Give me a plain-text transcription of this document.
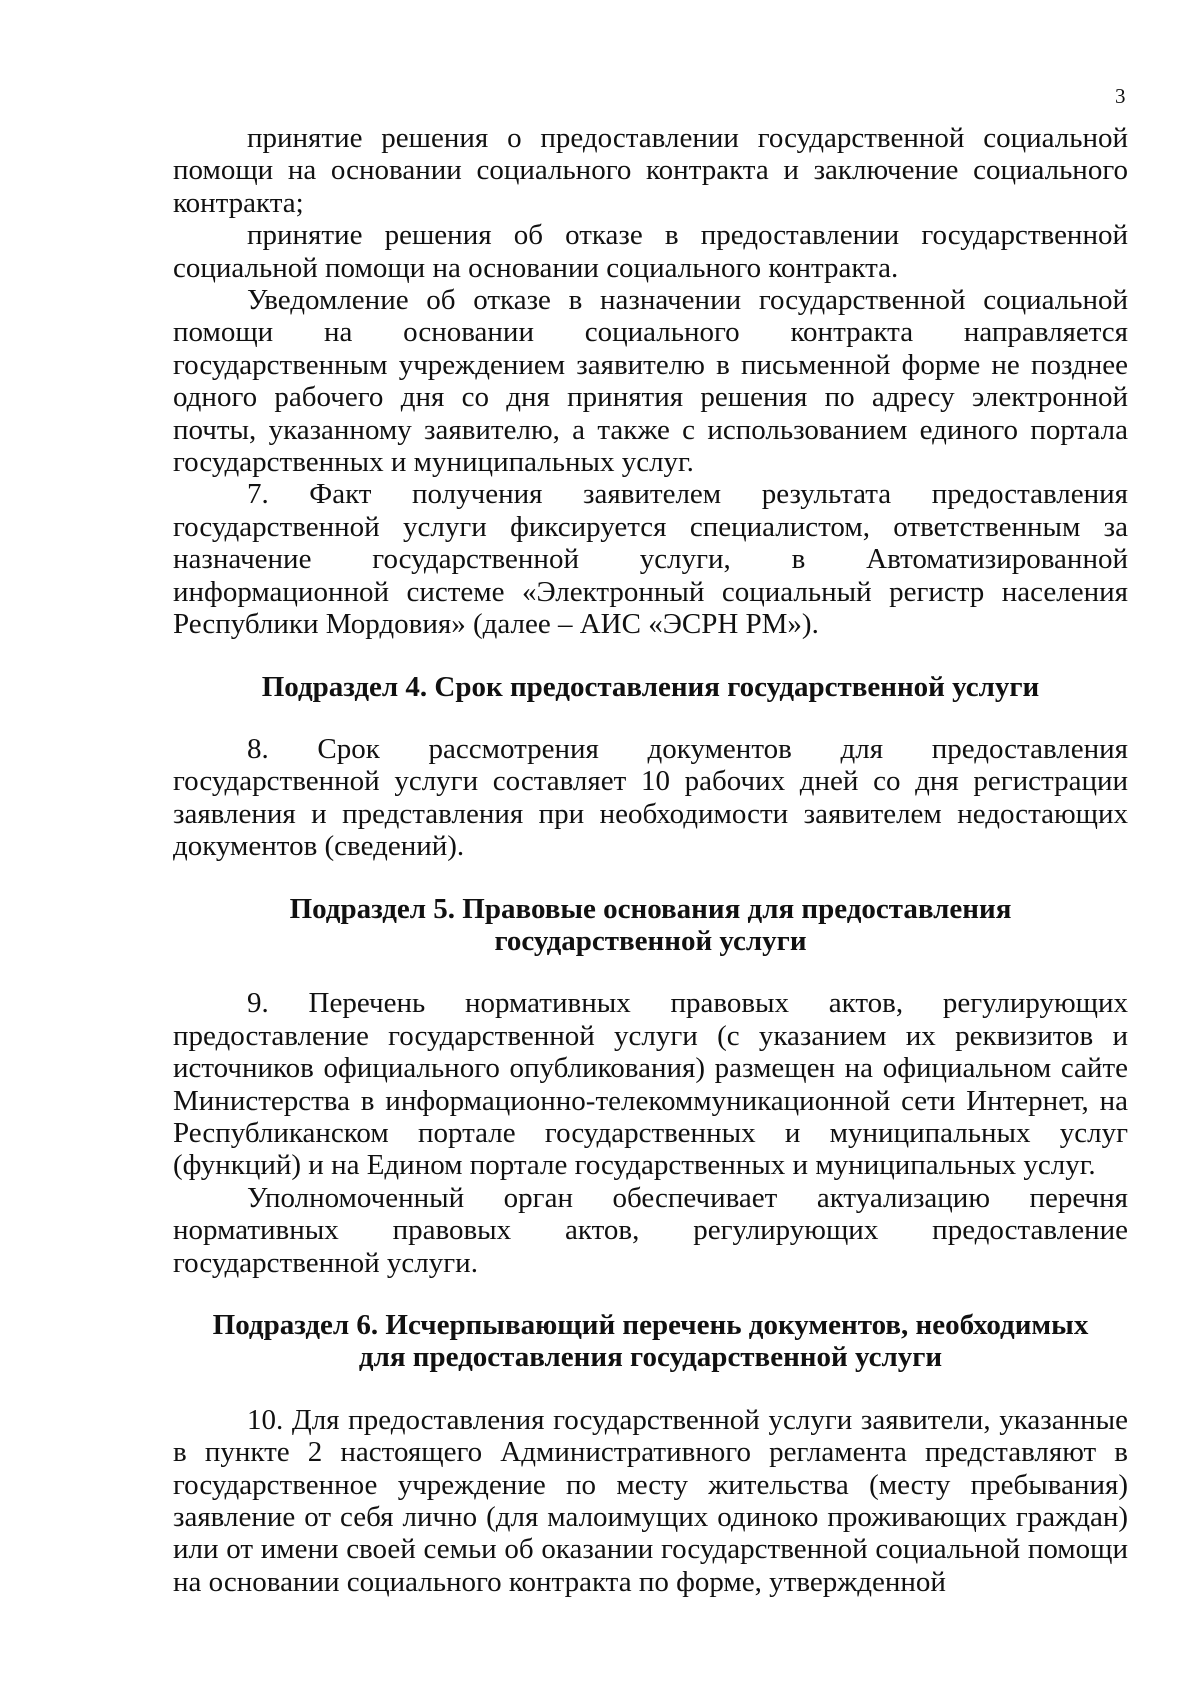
3

принятие решения о предоставлении государственной социальной помощи на основании социального контракта и заключение социального контракта;

принятие решения об отказе в предоставлении государственной социальной помощи на основании социального контракта.

Уведомление об отказе в назначении государственной социальной помощи на основании социального контракта направляется государственным учреждением заявителю в письменной форме не позднее одного рабочего дня со дня принятия решения по адресу электронной почты, указанному заявителю, а также с использованием единого портала государственных и муниципальных услуг.

7. Факт получения заявителем результата предоставления государственной услуги фиксируется специалистом, ответственным за назначение государственной услуги, в Автоматизированной информационной системе «Электронный социальный регистр населения Республики Мордовия» (далее – АИС «ЭСРН РМ»).

Подраздел 4. Срок предоставления государственной услуги

8. Срок рассмотрения документов для предоставления государственной услуги составляет 10 рабочих дней со дня регистрации заявления и представления при необходимости заявителем недостающих документов (сведений).

Подраздел 5. Правовые основания для предоставления

государственной услуги

9. Перечень нормативных правовых актов, регулирующих предоставление государственной услуги (с указанием их реквизитов и источников официального опубликования) размещен на официальном сайте Министерства в информационно-телекоммуникационной сети Интернет, на Республиканском портале государственных и муниципальных услуг (функций) и на Едином портале государственных и муниципальных услуг.

Уполномоченный орган обеспечивает актуализацию перечня нормативных правовых актов, регулирующих предоставление государственной услуги.

Подраздел 6. Исчерпывающий перечень документов, необходимых

для предоставления государственной услуги

10. Для предоставления государственной услуги заявители, указанные в пункте 2 настоящего Административного регламента представляют в государственное учреждение по месту жительства (месту пребывания) заявление от себя лично (для малоимущих одиноко проживающих граждан) или от имени своей семьи об оказании государственной социальной помощи на основании социального контракта по форме, утвержденной
